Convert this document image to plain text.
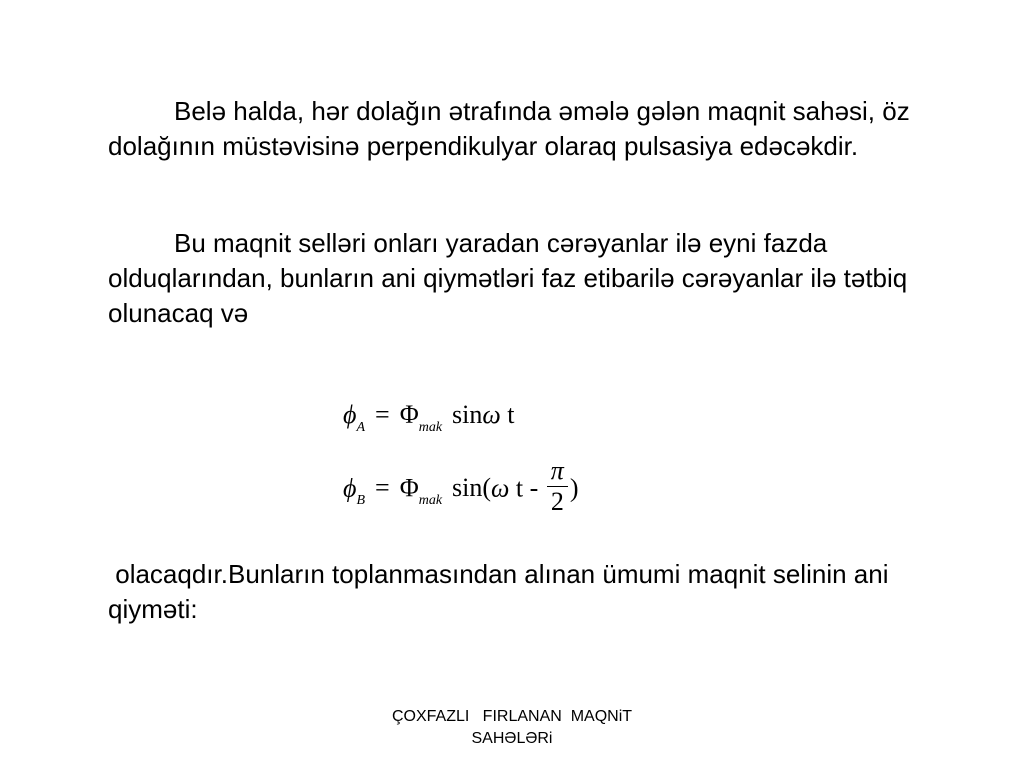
Belə halda, hər dolağın ətrafında əmələ gələn maqnit sahəsi, öz dolağının müstəvisinə perpendikulyar olaraq pulsasiya edəcəkdir.

Bu maqnit selləri onları yaradan cərəyanlar ilə eyni fazda olduqlarından, bunların ani qiymətləri faz etibarilə cərəyanlar ilə tətbiq olunacaq və

$\phi_A = \Phi_{mak}$ sinω t
$\phi_B = \Phi_{mak}$ sin(ω t - $\frac{\pi}{2}$ )

olacaqdır.Bunların toplanmasından alınan ümumi maqnit selinin ani qiyməti:

ÇOXFAZLI   FIRLANAN  MAQNiT
SAHƏLƏRi
